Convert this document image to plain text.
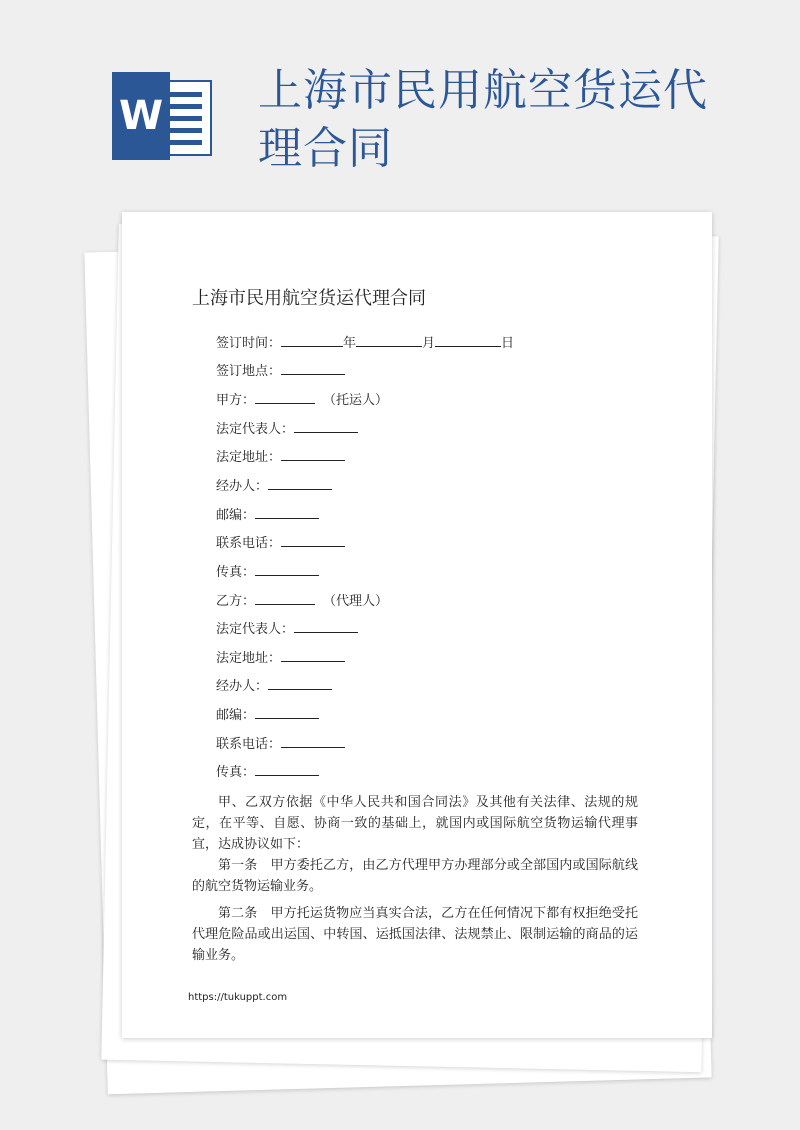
W 上海市民用航空货运代理合同
上海市民用航空货运代理合同
签订时间：	年	月	日
签订地点：
甲方：	（托运人）
法定代表人：
法定地址：
经办人：
邮编：
联系电话：
传真：
乙方：	（代理人）
法定代表人：
法定地址：
经办人：
邮编：
联系电话：
传真：
甲、乙双方依据《中华人民共和国合同法》及其他有关法律、法规的规定，在平等、自愿、协商一致的基础上，就国内或国际航空货物运输代理事宜，达成协议如下：
第一条　甲方委托乙方，由乙方代理甲方办理部分或全部国内或国际航线的航空货物运输业务。
第二条　甲方托运货物应当真实合法，乙方在任何情况下都有权拒绝受托代理危险品或出运国、中转国、运抵国法律、法规禁止、限制运输的商品的运输业务。
https://tukuppt.com
